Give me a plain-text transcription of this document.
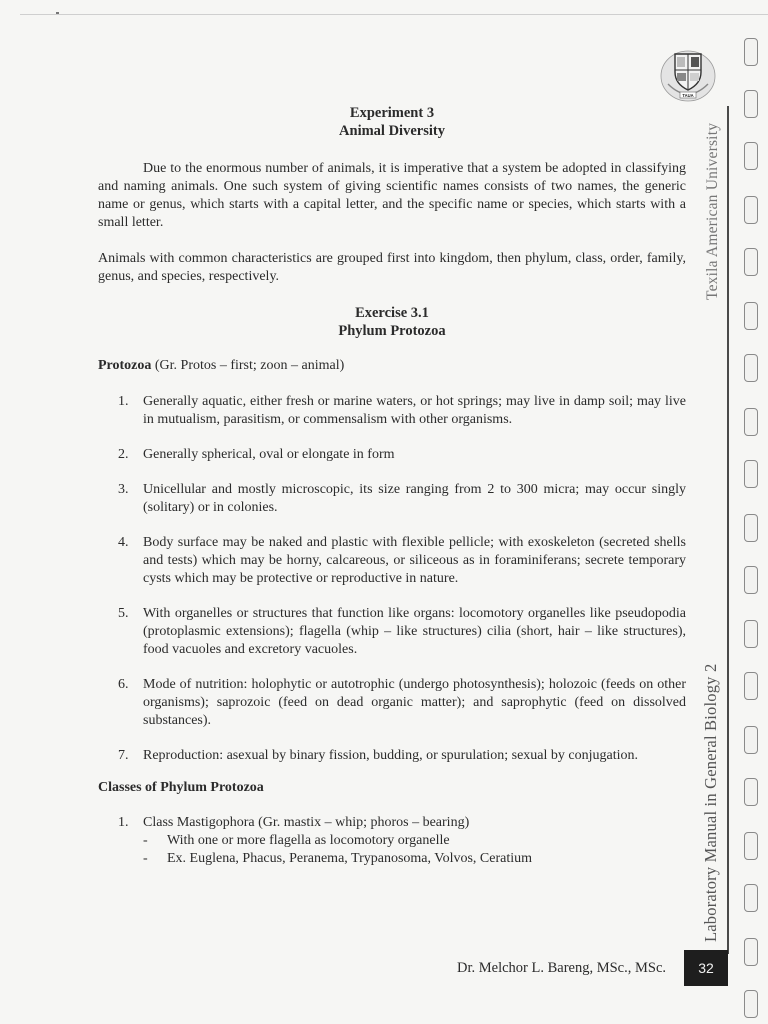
TAUA
Texila American University
Laboratory Manual in General Biology 2
32
Experiment 3
Animal Diversity

Due to the enormous number of animals, it is imperative that a system be adopted in classifying and naming animals. One such system of giving scientific names consists of two names, the generic name or genus, which starts with a capital letter, and the specific name or species, which starts with a small letter.

Animals with common characteristics are grouped first into kingdom, then phylum, class, order, family, genus, and species, respectively.

Exercise 3.1
Phylum Protozoa
Protozoa (Gr. Protos – first; zoon – animal)
1. Generally aquatic, either fresh or marine waters, or hot springs; may live in damp soil; may live in mutualism, parasitism, or commensalism with other organisms.
2. Generally spherical, oval or elongate in form
3. Unicellular and mostly microscopic, its size ranging from 2 to 300 micra; may occur singly (solitary) or in colonies.
4. Body surface may be naked and plastic with flexible pellicle; with exoskeleton (secreted shells and tests) which may be horny, calcareous, or siliceous as in foraminiferans; secrete temporary cysts which may be protective or reproductive in nature.
5. With organelles or structures that function like organs: locomotory organelles like pseudopodia (protoplasmic extensions); flagella (whip – like structures) cilia (short, hair – like structures), food vacuoles and excretory vacuoles.
6. Mode of nutrition: holophytic or autotrophic (undergo photosynthesis); holozoic (feeds on other organisms); saprozoic (feed on dead organic matter); and saprophytic (feed on dissolved substances).
7. Reproduction: asexual by binary fission, budding, or spurulation; sexual by conjugation.
Classes of Phylum Protozoa
1. Class Mastigophora (Gr. mastix – whip; phoros – bearing)
- With one or more flagella as locomotory organelle
- Ex. Euglena, Phacus, Peranema, Trypanosoma, Volvos, Ceratium
Dr. Melchor L. Bareng, MSc., MSc.
